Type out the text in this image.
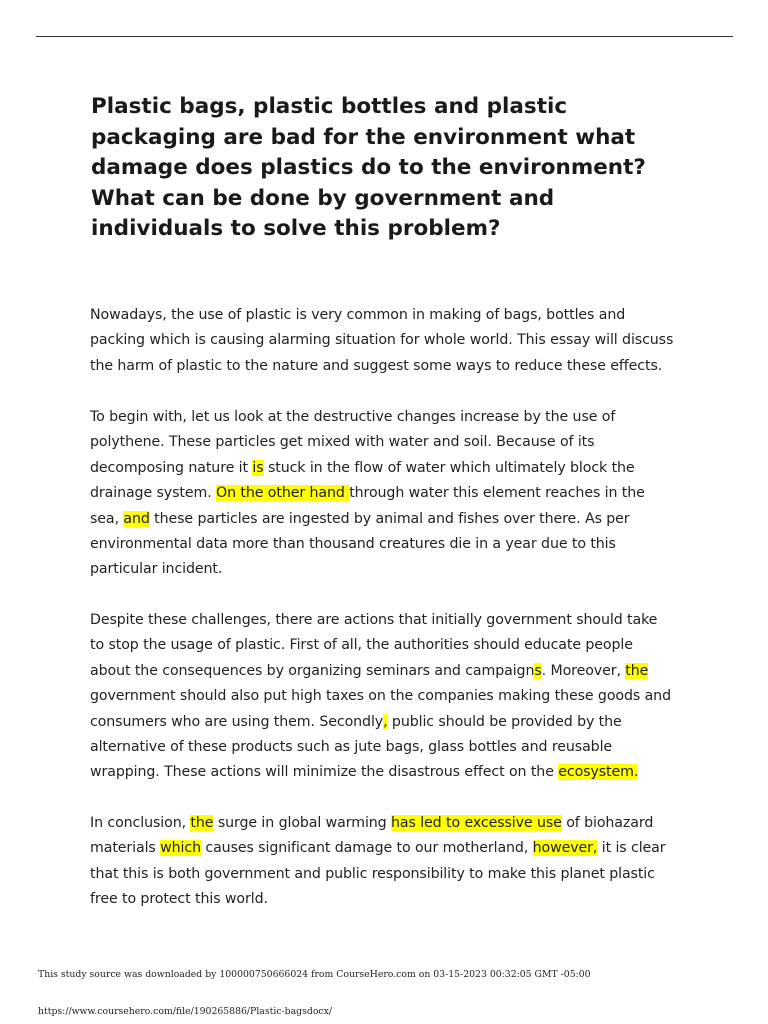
Plastic bags, plastic bottles and plastic packaging are bad for the environment what damage does plastics do to the environment? What can be done by government and individuals to solve this problem?
Nowadays, the use of plastic is very common in making of bags, bottles and
packing which is causing alarming situation for whole world. This essay will discuss
the harm of plastic to the nature and suggest some ways to reduce these effects.
To begin with, let us look at the destructive changes increase by the use of
polythene. These particles get mixed with water and soil. Because of its
decomposing nature it is stuck in the flow of water which ultimately block the
drainage system. On the other hand through water this element reaches in the
sea, and these particles are ingested by animal and fishes over there. As per
environmental data more than thousand creatures die in a year due to this
particular incident.
Despite these challenges, there are actions that initially government should take
to stop the usage of plastic. First of all, the authorities should educate people
about the consequences by organizing seminars and campaigns. Moreover, the
government should also put high taxes on the companies making these goods and
consumers who are using them. Secondly, public should be provided by the
alternative of these products such as jute bags, glass bottles and reusable
wrapping. These actions will minimize the disastrous effect on the ecosystem.
In conclusion, the surge in global warming has led to excessive use of biohazard
materials which causes significant damage to our motherland, however, it is clear
that this is both government and public responsibility to make this planet plastic
free to protect this world.

This study source was downloaded by 100000750666024 from CourseHero.com on 03-15-2023 00:32:05 GMT -05:00

https://www.coursehero.com/file/190265886/Plastic-bagsdocx/
